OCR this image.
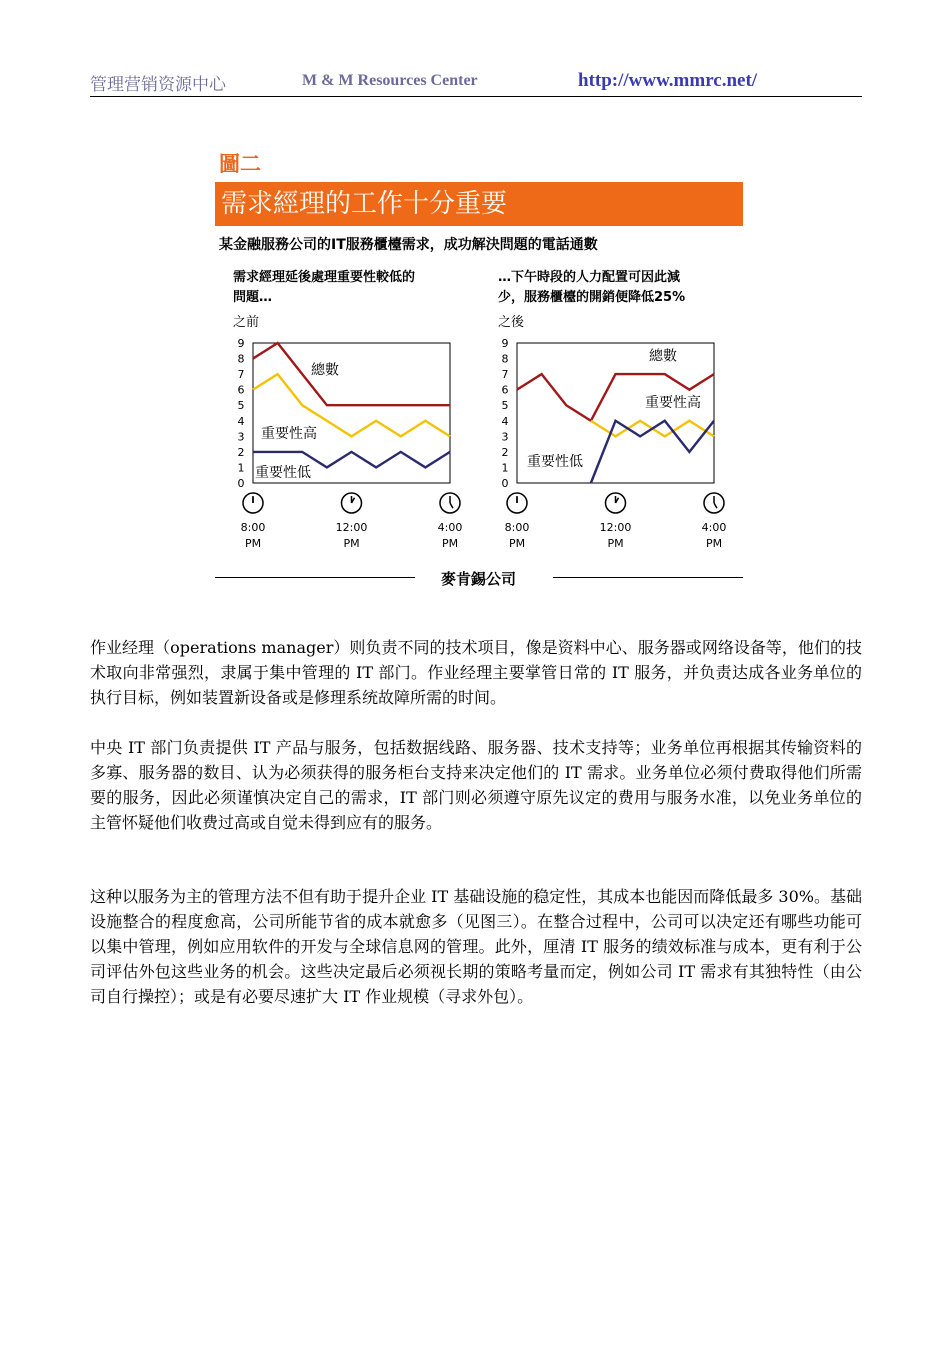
管理营销资源中心	M & M Resources Center	http://www.mmrc.net/
圖二
需求經理的工作十分重要
某金融服務公司的IT服務櫃檯需求，成功解決問題的電話通數
需求經理延後處理重要性較低的
問題…
之前
…下午時段的人力配置可因此減
少，服務櫃檯的開銷便降低25%
之後
0
1
2
3
4
5
6
7
8
9
總數
重要性高
重要性低
8:00
PM
12:00
PM
4:00
PM
0
1
2
3
4
5
6
7
8
9
總數
重要性高
重要性低
8:00
PM
12:00
PM
4:00
PM
麥肯錫公司

作业经理（operations manager）则负责不同的技术项目，像是资料中心、服务器或网络设备等，他们的技术取向非常强烈，隶属于集中管理的 IT 部门。作业经理主要掌管日常的 IT 服务，并负责达成各业务单位的执行目标，例如装置新设备或是修理系统故障所需的时间。

中央 IT 部门负责提供 IT 产品与服务，包括数据线路、服务器、技术支持等；业务单位再根据其传输资料的多寡、服务器的数目、认为必须获得的服务柜台支持来决定他们的 IT 需求。业务单位必须付费取得他们所需要的服务，因此必须谨慎决定自己的需求，IT 部门则必须遵守原先议定的费用与服务水准，以免业务单位的主管怀疑他们收费过高或自觉未得到应有的服务。

这种以服务为主的管理方法不但有助于提升企业 IT 基础设施的稳定性，其成本也能因而降低最多 30%。基础设施整合的程度愈高，公司所能节省的成本就愈多（见图三）。在整合过程中，公司可以决定还有哪些功能可以集中管理，例如应用软件的开发与全球信息网的管理。此外，厘清 IT 服务的绩效标准与成本，更有利于公司评估外包这些业务的机会。这些决定最后必须视长期的策略考量而定，例如公司 IT 需求有其独特性（由公司自行操控）；或是有必要尽速扩大 IT 作业规模（寻求外包）。
